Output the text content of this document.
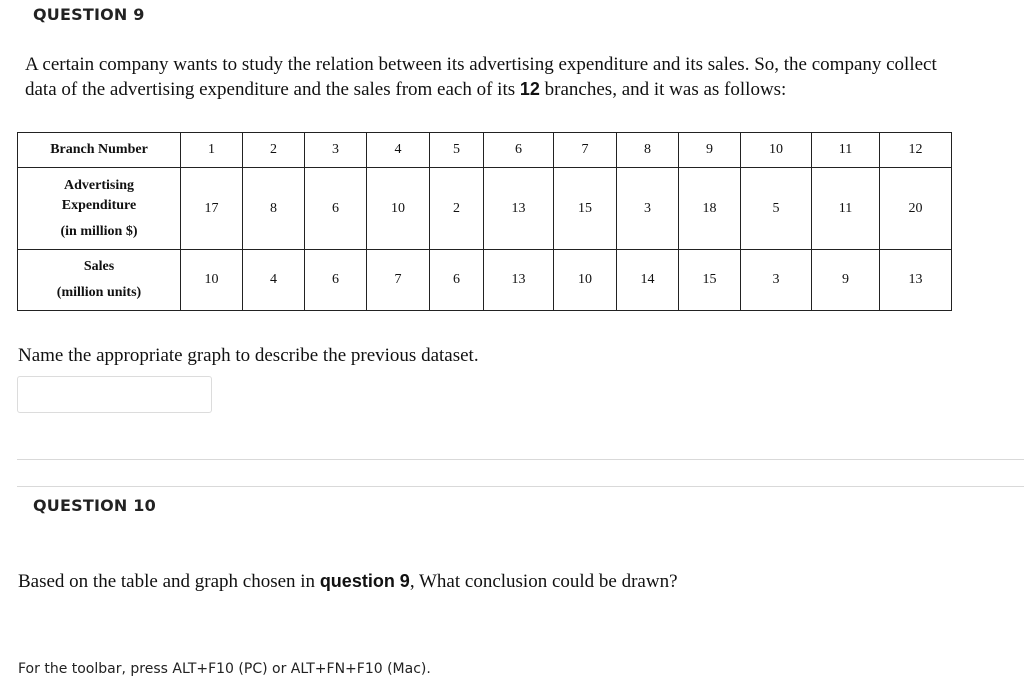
QUESTION 9
A certain company wants to study the relation between its advertising expenditure and its sales. So, the company collect
data of the advertising expenditure and the sales from each of its 12 branches, and it was as follows:
Branch Number	1	2	3	4	5	6	7	8	9	10	11	12

Advertising
Expenditure
(in million $)	17	8	6	10	2	13	15	3	18	5	11	20

Sales
(million units)	10	4	6	7	6	13	10	14	15	3	9	13
Name the appropriate graph to describe the previous dataset.
QUESTION 10
Based on the table and graph chosen in question 9, What conclusion could be drawn?
For the toolbar, press ALT+F10 (PC) or ALT+FN+F10 (Mac).
